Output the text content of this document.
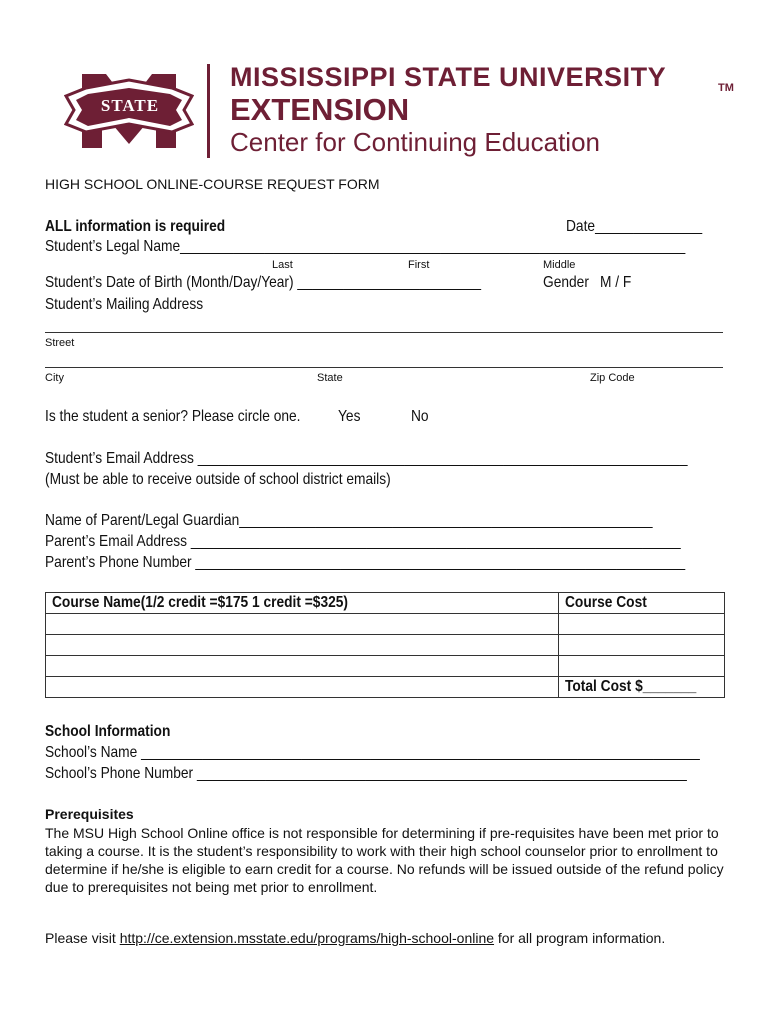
STATE
MISSISSIPPI STATE UNIVERSITY	TM
EXTENSION
Center for Continuing Education
HIGH SCHOOL ONLINE-COURSE REQUEST FORM
ALL information is required	Date______________
Student’s Legal Name__________________________________________________________________
Last	First	Middle
Student’s Date of Birth (Month/Day/Year) ________________________	Gender M / F
Student’s Mailing Address
Street
City	State	Zip Code
Is the student a senior? Please circle one. Yes	No
Student’s Email Address ________________________________________________________________
(Must be able to receive outside of school district emails)
Name of Parent/Legal Guardian______________________________________________________
Parent’s Email Address ________________________________________________________________
Parent’s Phone Number ________________________________________________________________
Course Name(1/2 credit =$175 1 credit =$325)	Course Cost

	Total Cost $_______
School Information
School’s Name _________________________________________________________________________
School’s Phone Number ________________________________________________________________
Prerequisites
The MSU High School Online office is not responsible for determining if pre-requisites have been met prior to taking a course. It is the student’s responsibility to work with their high school counselor prior to enrollment to determine if he/she is eligible to earn credit for a course. No refunds will be issued outside of the refund policy due to prerequisites not being met prior to enrollment.
Please visit http://ce.extension.msstate.edu/programs/high-school-online for all program information.
